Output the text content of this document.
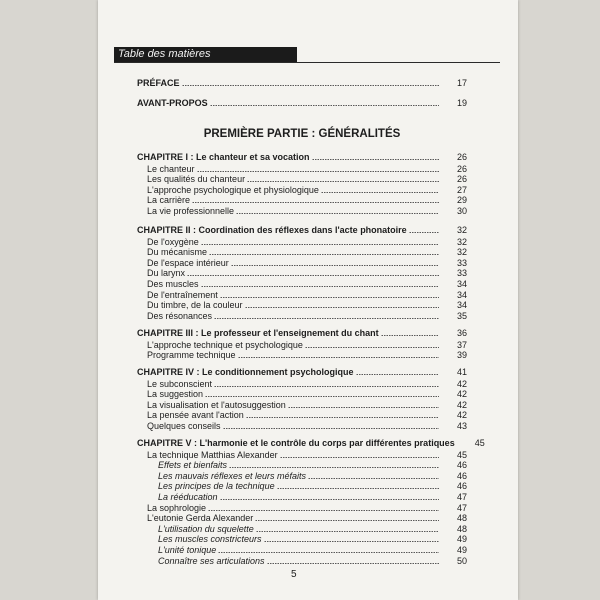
Table des matières
PREMIÈRE PARTIE : GÉNÉRALITÉS
PRÉFACE	17
AVANT-PROPOS	19
CHAPITRE I : Le chanteur et sa vocation	26
Le chanteur	26
Les qualités du chanteur	26
L'approche psychologique et physiologique	27
La carrière	29
La vie professionnelle	30
CHAPITRE II : Coordination des réflexes dans l'acte phonatoire	32
De l'oxygène	32
Du mécanisme	32
De l'espace intérieur	33
Du larynx	33
Des muscles	34
De l'entraînement	34
Du timbre, de la couleur	34
Des résonances	35
CHAPITRE III : Le professeur et l'enseignement du chant	36
L'approche technique et psychologique	37
Programme technique	39
CHAPITRE IV : Le conditionnement psychologique	41
Le subconscient	42
La suggestion	42
La visualisation et l'autosuggestion	42
La pensée avant l'action	42
Quelques conseils	43
CHAPITRE V : L'harmonie et le contrôle du corps par différentes pratiques	45
La technique Matthias Alexander	45
Effets et bienfaits	46
Les mauvais réflexes et leurs méfaits	46
Les principes de la technique	46
La rééducation	47
La sophrologie	47
L'eutonie Gerda Alexander	48
L'utilisation du squelette	48
Les muscles constricteurs	49
L'unité tonique	49
Connaître ses articulations	50
5
